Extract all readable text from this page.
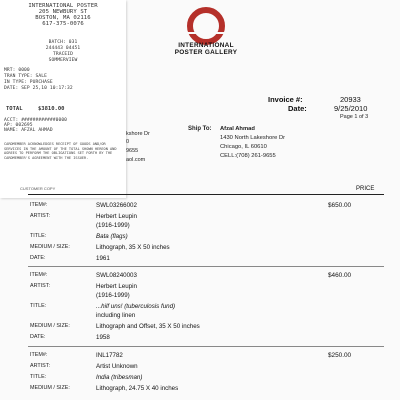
INTERNATIONAL POSTER
205 NEWBURY ST
BOSTON, MA 02116
617-375-0076
BATCH: 031
244443 04451
TRACEID
SOMMERVIEW
MRT: 0000
TRAN TYPE: SALE
IN TYPE: PURCHASE
DATE: SEP 25,10 10:17:32
TOTAL	$3810.00
ACCT: ############0000
AP: 002695
NAME: AFZAL AHMAD
CARDMEMBER ACKNOWLEDGES RECEIPT OF GOODS AND/OR SERVICES IN THE AMOUNT OF THE TOTAL SHOWN HEREON AND AGREES TO PERFORM THE OBLIGATIONS SET FORTH BY THE CARDMEMBER'S AGREEMENT WITH THE ISSUER.
INTERNATIONAL
POSTER GALLERY
Invoice #:	20933
Date:	9/25/2010
Page 1 of 3
kshore Dr
0
9655
aol.com
Ship To: Afzal Ahmad
1430 North Lakeshore Dr
Chicago, IL 60610
CELL:(708) 261-9655
CUSTOMER COPY	PRICE
ITEM#:	SWL03266002	$650.00
ARTIST:	Herbert Leupin
(1916-1999)
TITLE:	Bata (flags)
MEDIUM / SIZE:	Lithograph, 35 X 50 inches
DATE:	1961
ITEM#:	SWL08240003	$460.00
ARTIST:	Herbert Leupin
(1916-1999)
TITLE:	...hilf uns! (tuberculosis fund)
including linen
MEDIUM / SIZE:	Lithograph and Offset, 35 X 50 inches
DATE:	1958
ITEM#:	INL17782	$250.00
ARTIST:	Artist Unknown
TITLE:	India (tribesman)
MEDIUM / SIZE:	Lithograph, 24.75 X 40 inches
